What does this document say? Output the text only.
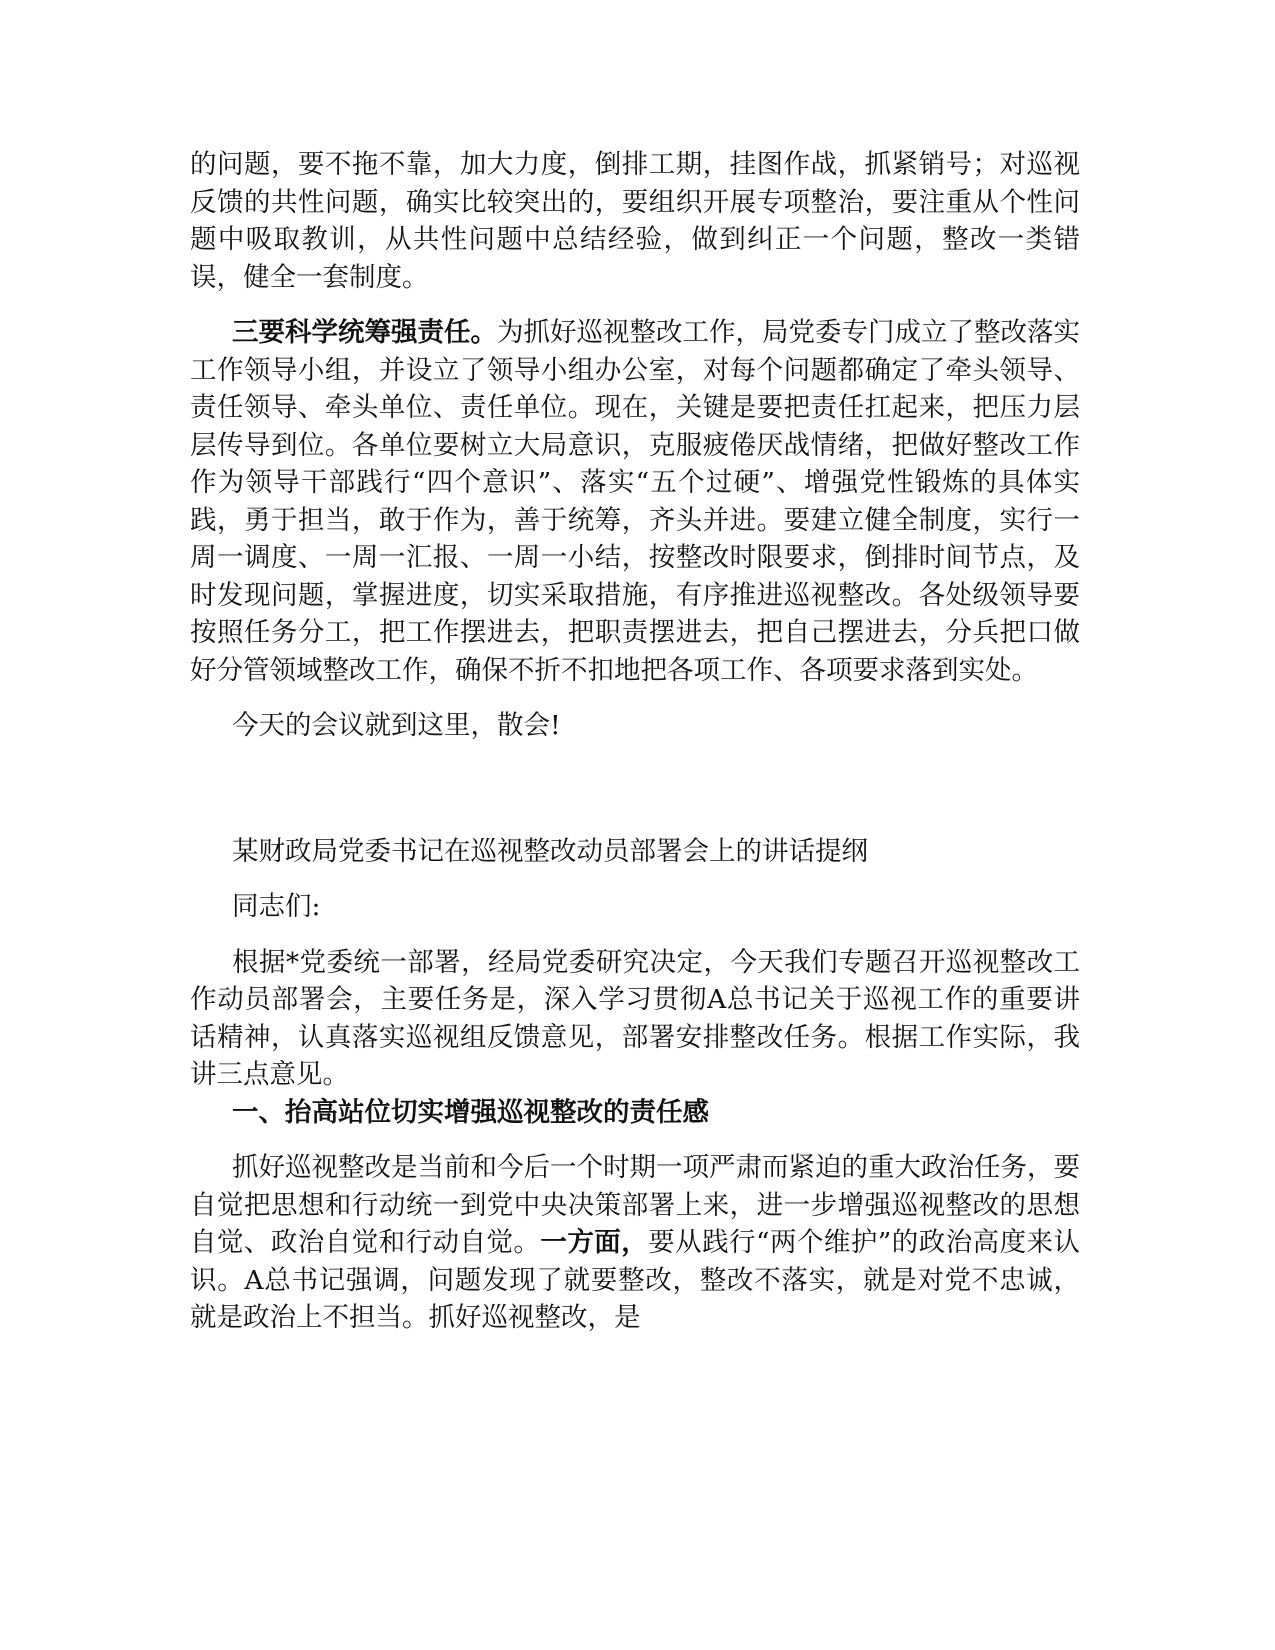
的问题，要不拖不靠，加大力度，倒排工期，挂图作战，抓紧销号；对巡视反馈的共性问题，确实比较突出的，要组织开展专项整治，要注重从个性问题中吸取教训，从共性问题中总结经验，做到纠正一个问题，整改一类错误，健全一套制度。

三要科学统筹强责任。为抓好巡视整改工作，局党委专门成立了整改落实工作领导小组，并设立了领导小组办公室，对每个问题都确定了牵头领导、责任领导、牵头单位、责任单位。现在，关键是要把责任扛起来，把压力层层传导到位。各单位要树立大局意识，克服疲倦厌战情绪，把做好整改工作作为领导干部践行“四个意识”、落实“五个过硬”、增强党性锻炼的具体实践，勇于担当，敢于作为，善于统筹，齐头并进。要建立健全制度，实行一周一调度、一周一汇报、一周一小结，按整改时限要求，倒排时间节点，及时发现问题，掌握进度，切实采取措施，有序推进巡视整改。各处级领导要按照任务分工，把工作摆进去，把职责摆进去，把自己摆进去，分兵把口做好分管领域整改工作，确保不折不扣地把各项工作、各项要求落到实处。

今天的会议就到这里，散会!

某财政局党委书记在巡视整改动员部署会上的讲话提纲

同志们:

根据*党委统一部署，经局党委研究决定，今天我们专题召开巡视整改工作动员部署会，主要任务是，深入学习贯彻A总书记关于巡视工作的重要讲话精神，认真落实巡视组反馈意见，部署安排整改任务。根据工作实际，我讲三点意见。

一、抬高站位切实增强巡视整改的责任感

抓好巡视整改是当前和今后一个时期一项严肃而紧迫的重大政治任务，要自觉把思想和行动统一到党中央决策部署上来，进一步增强巡视整改的思想自觉、政治自觉和行动自觉。一方面，要从践行“两个维护”的政治高度来认识。A总书记强调，问题发现了就要整改，整改不落实，就是对党不忠诚，就是政治上不担当。抓好巡视整改，是
